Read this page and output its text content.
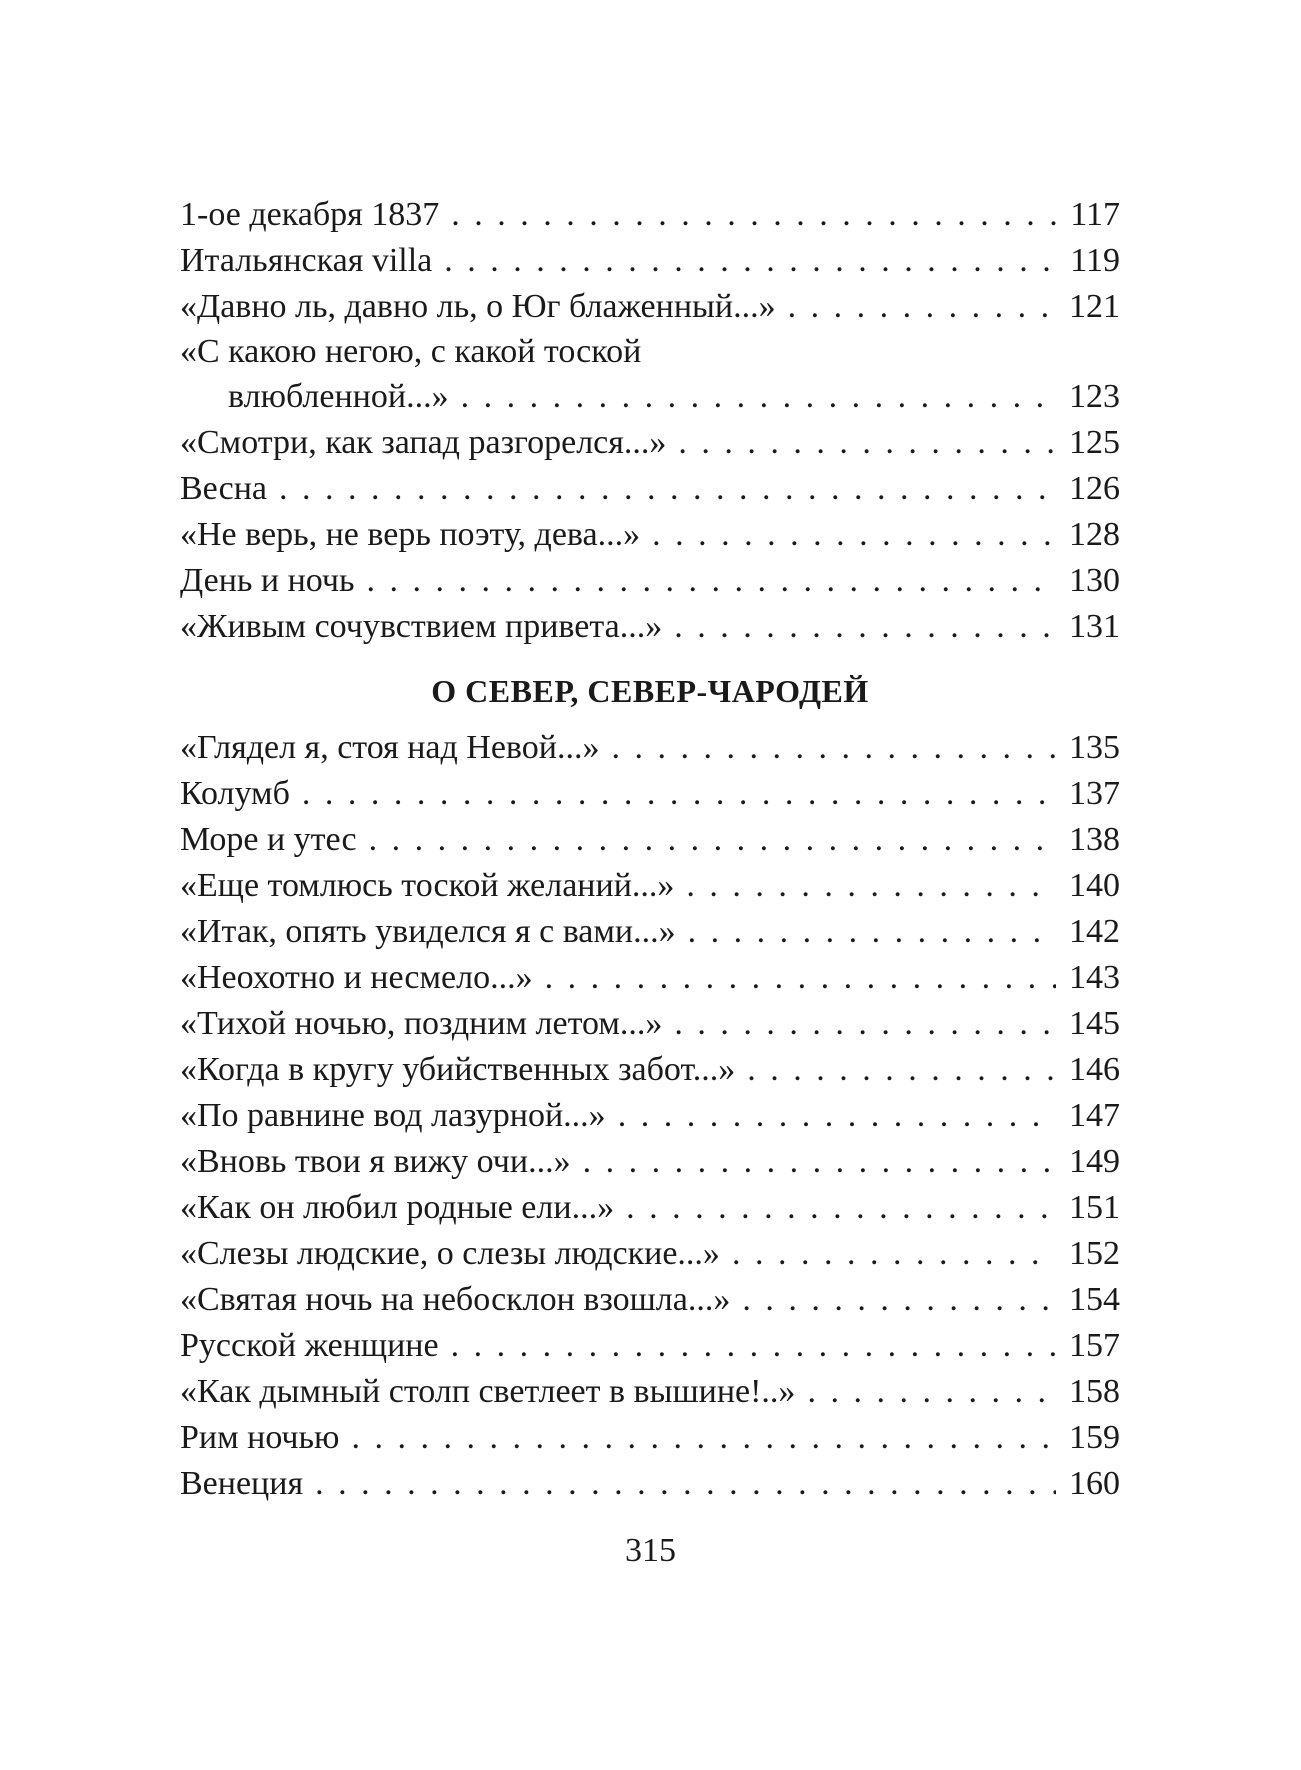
1-ое декабря 1837 . . .	117
Итальянская villa . . .	119
«Давно ль, давно ль, о Юг блаженный...» . . .	121
«С какою негою, с какой тоской
влюбленной...» . . .	123
«Смотри, как запад разгорелся...» . . .	125
Весна . . .	126
«Не верь, не верь поэту, дева...» . . .	128
День и ночь . . .	130
«Живым сочувствием привета...» . . .	131
О СЕВЕР, СЕВЕР-ЧАРОДЕЙ
«Глядел я, стоя над Невой...» . . .	135
Колумб . . .	137
Море и утес . . .	138
«Еще томлюсь тоской желаний...» . . .	140
«Итак, опять увиделся я с вами...» . . .	142
«Неохотно и несмело...» . . .	143
«Тихой ночью, поздним летом...» . . .	145
«Когда в кругу убийственных забот...» . . .	146
«По равнине вод лазурной...» . . .	147
«Вновь твои я вижу очи...» . . .	149
«Как он любил родные ели...» . . .	151
«Слезы людские, о слезы людские...» . . .	152
«Святая ночь на небосклон взошла...» . . .	154
Русской женщине . . .	157
«Как дымный столп светлеет в вышине!..» . . .	158
Рим ночью . . .	159
Венеция . . .	160
315
